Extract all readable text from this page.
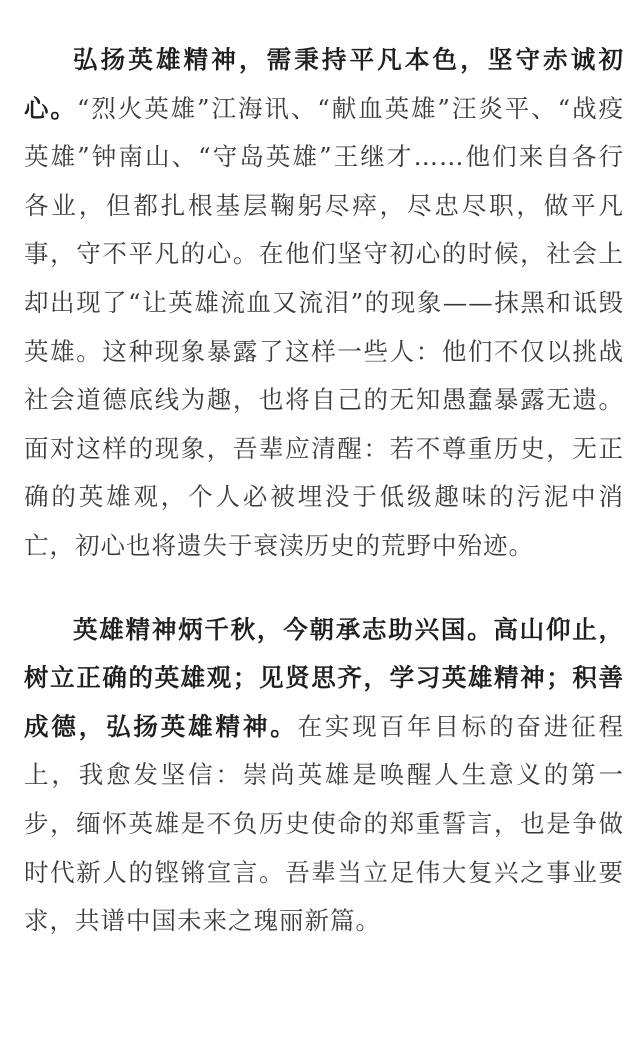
弘扬英雄精神，需秉持平凡本色，坚守赤诚初心。“烈火英雄”江海讯、“献血英雄”汪炎平、“战疫英雄”钟南山、“守岛英雄”王继才……他们来自各行各业，但都扎根基层鞠躬尽瘁，尽忠尽职，做平凡事，守不平凡的心。在他们坚守初心的时候，社会上却出现了“让英雄流血又流泪”的现象——抹黑和诋毁英雄。这种现象暴露了这样一些人：他们不仅以挑战社会道德底线为趣，也将自己的无知愚蠢暴露无遗。面对这样的现象，吾辈应清醒：若不尊重历史，无正确的英雄观，个人必被埋没于低级趣味的污泥中消亡，初心也将遗失于衰渎历史的荒野中殆迹。

英雄精神炳千秋，今朝承志助兴国。高山仰止，树立正确的英雄观；见贤思齐，学习英雄精神；积善成德，弘扬英雄精神。在实现百年目标的奋进征程上，我愈发坚信：崇尚英雄是唤醒人生意义的第一步，缅怀英雄是不负历史使命的郑重誓言，也是争做时代新人的铿锵宣言。吾辈当立足伟大复兴之事业要求，共谱中国未来之瑰丽新篇。
